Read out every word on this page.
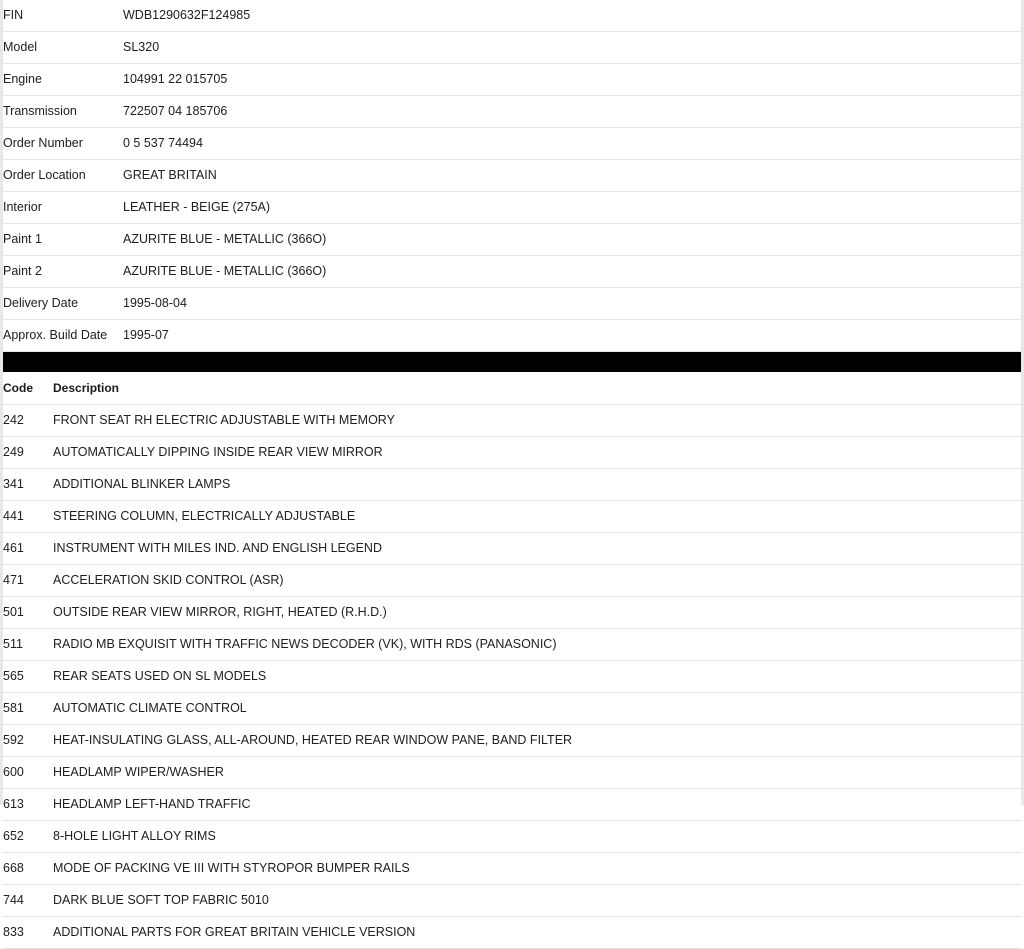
FIN	WDB1290632F124985
Model	SL320
Engine	104991 22 015705
Transmission	722507 04 185706
Order Number	0 5 537 74494
Order Location	GREAT BRITAIN
Interior	LEATHER - BEIGE (275A)
Paint 1	AZURITE BLUE - METALLIC (366O)
Paint 2	AZURITE BLUE - METALLIC (366O)
Delivery Date	1995-08-04
Approx. Build Date	1995-07
Code	Description
242	FRONT SEAT RH ELECTRIC ADJUSTABLE WITH MEMORY
249	AUTOMATICALLY DIPPING INSIDE REAR VIEW MIRROR
341	ADDITIONAL BLINKER LAMPS
441	STEERING COLUMN, ELECTRICALLY ADJUSTABLE
461	INSTRUMENT WITH MILES IND. AND ENGLISH LEGEND
471	ACCELERATION SKID CONTROL (ASR)
501	OUTSIDE REAR VIEW MIRROR, RIGHT, HEATED (R.H.D.)
511	RADIO MB EXQUISIT WITH TRAFFIC NEWS DECODER (VK), WITH RDS (PANASONIC)
565	REAR SEATS USED ON SL MODELS
581	AUTOMATIC CLIMATE CONTROL
592	HEAT-INSULATING GLASS, ALL-AROUND, HEATED REAR WINDOW PANE, BAND FILTER
600	HEADLAMP WIPER/WASHER
613	HEADLAMP LEFT-HAND TRAFFIC
652	8-HOLE LIGHT ALLOY RIMS
668	MODE OF PACKING VE III WITH STYROPOR BUMPER RAILS
744	DARK BLUE SOFT TOP FABRIC 5010
833	ADDITIONAL PARTS FOR GREAT BRITAIN VEHICLE VERSION
